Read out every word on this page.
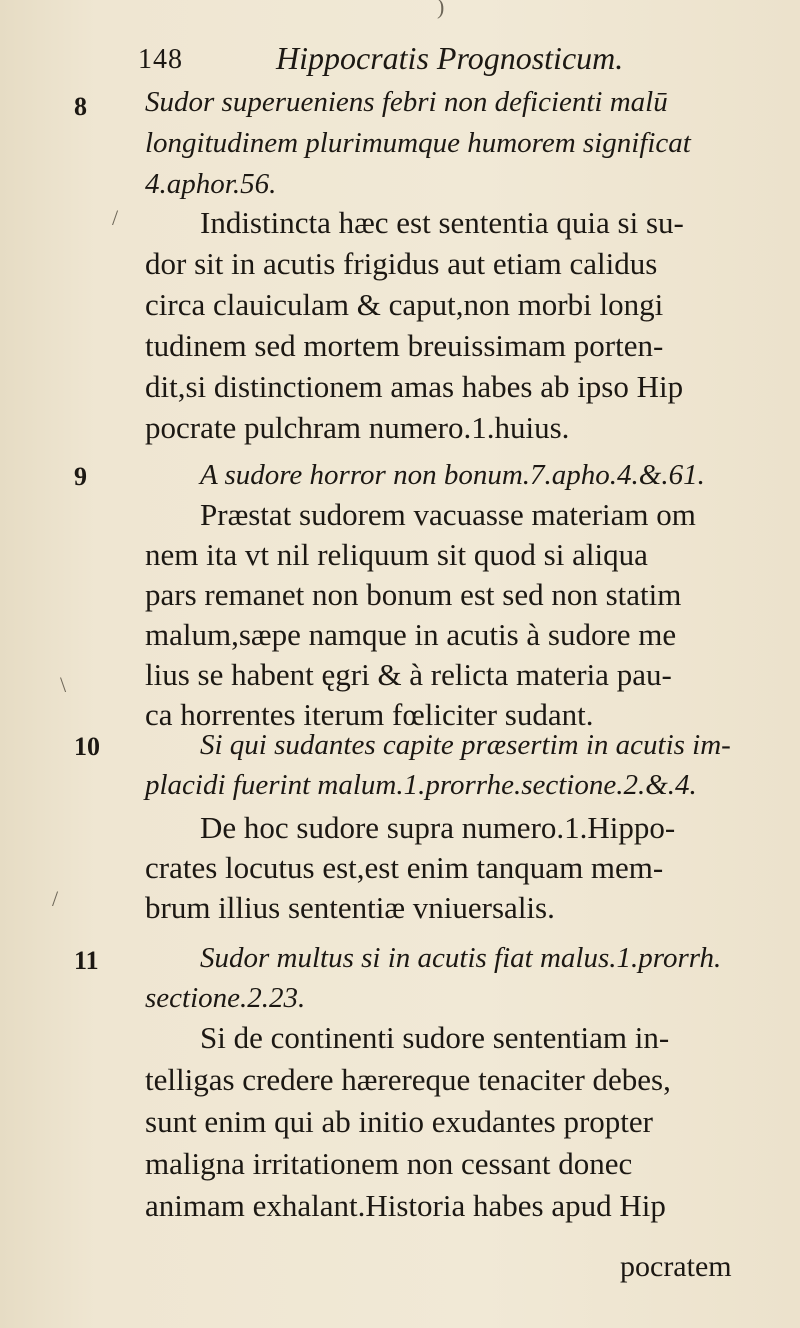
148	Hippocratis Prognosticum.
)
/
\
/
8
9
10
11
Sudor superueniens febri non deficienti malū
longitudinem plurimumque humorem significat
4.aphor.56.
Indistincta hæc est sententia quia si su-
dor sit in acutis frigidus aut etiam calidus
circa clauiculam & caput,non morbi longi
tudinem sed mortem breuissimam porten-
dit,si distinctionem amas habes ab ipso Hip
pocrate pulchram numero.1.huius.
A sudore horror non bonum.7.apho.4.&.61.
Præstat sudorem vacuasse materiam om
nem ita vt nil reliquum sit quod si aliqua
pars remanet non bonum est sed non statim
malum,sæpe namque in acutis à sudore me
lius se habent ęgri & à relicta materia pau-
ca horrentes iterum fœliciter sudant.
Si qui sudantes capite præsertim in acutis im-
placidi fuerint malum.1.prorrhe.sectione.2.&.4.
De hoc sudore supra numero.1.Hippo-
crates locutus est,est enim tanquam mem-
brum illius sententiæ vniuersalis.
Sudor multus si in acutis fiat malus.1.prorrh.
sectione.2.23.
Si de continenti sudore sententiam in-
telligas credere hærereque tenaciter debes,
sunt enim qui ab initio exudantes propter
maligna irritationem non cessant donec
animam exhalant.Historia habes apud Hip
pocratem
